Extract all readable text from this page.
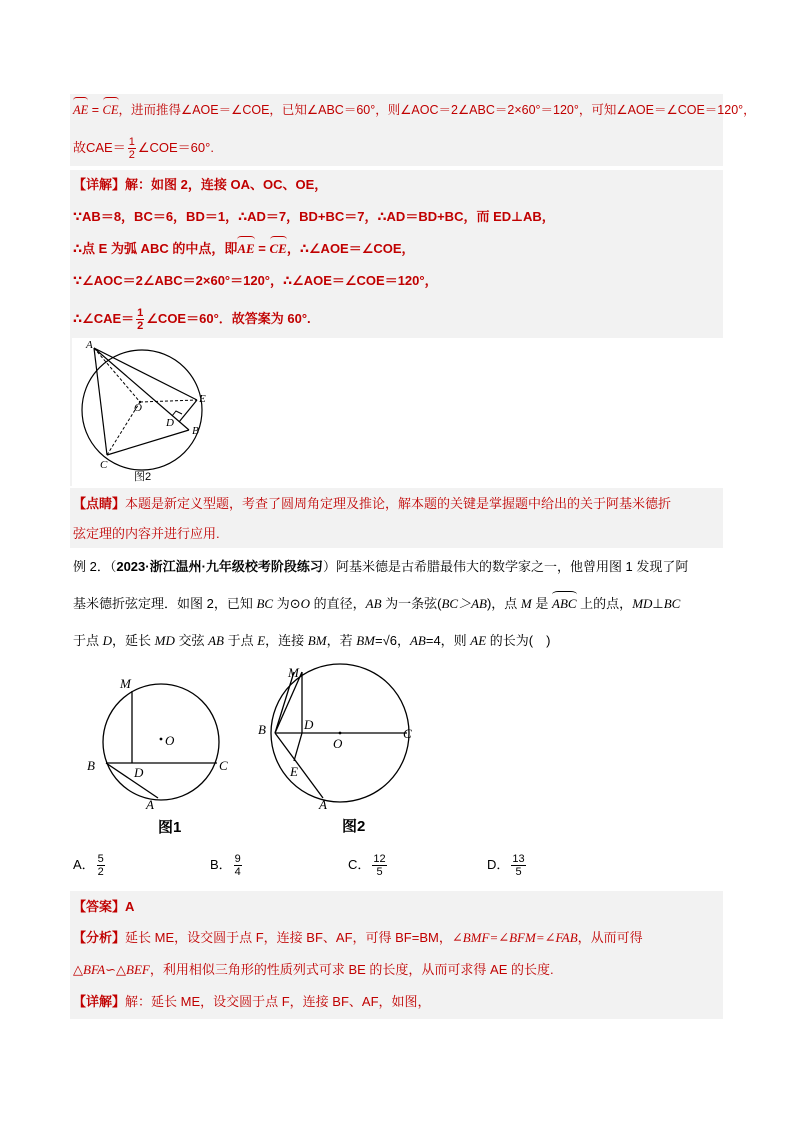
AE = CE，进而推得∠AOE＝∠COE，已知∠ABC＝60°，则∠AOC＝2∠ABC＝2×60°＝120°，可知∠AOE＝∠COE＝120°，
故$CAE= \frac{1}{2}$ ∠COE＝60°.
【详解】解：如图 2，连接 OA、OC、OE，
∵AB＝8，BC＝6，BD＝1，∴AD＝7，BD+BC＝7，∴AD＝BD+BC，而 ED⊥AB，
∴点 E 为弧 ABC 的中点，即AE = CE，∴∠AOE＝∠COE，
∵∠AOC＝2∠ABC＝2×60°＝120°，∴∠AOE＝∠COE＝120°，
∴∠CAE＝ $\frac{1}{2}$ ∠COE＝60°．故答案为 60°.
A
O
E
D
B
C
图2
【点睛】本题是新定义型题，考查了圆周角定理及推论，解本题的关键是掌握题中给出的关于阿基米德折
弦定理的内容并进行应用.
例 2．（2023·浙江温州·九年级校考阶段练习）阿基米德是古希腊最伟大的数学家之一，他曾用图 1 发现了阿
基米德折弦定理．如图 2，已知 BC 为⊙O 的直径，AB 为一条弦(BC＞AB)，点 M 是 ABC 上的点，MD⊥BC
于点 D，延长 MD 交弦 AB 于点 E，连接 BM，若 BM=√6，AB=4，则 AE 的长为(　)
M
O
B	D	C
A
图1
M
B	D
O
C
E
A
图2
A． $\frac{5}{2}$	B． $\frac{9}{4}$	C． $\frac{12}{5}$	D． $\frac{13}{5}$
【答案】A
【分析】延长 ME，设交圆于点 F，连接 BF、AF，可得 BF=BM，∠BMF=∠BFM=∠FAB，从而可得
△BFA∽△BEF，利用相似三角形的性质列式可求 BE 的长度，从而可求得 AE 的长度.
【详解】解：延长 ME，设交圆于点 F，连接 BF、AF，如图，
